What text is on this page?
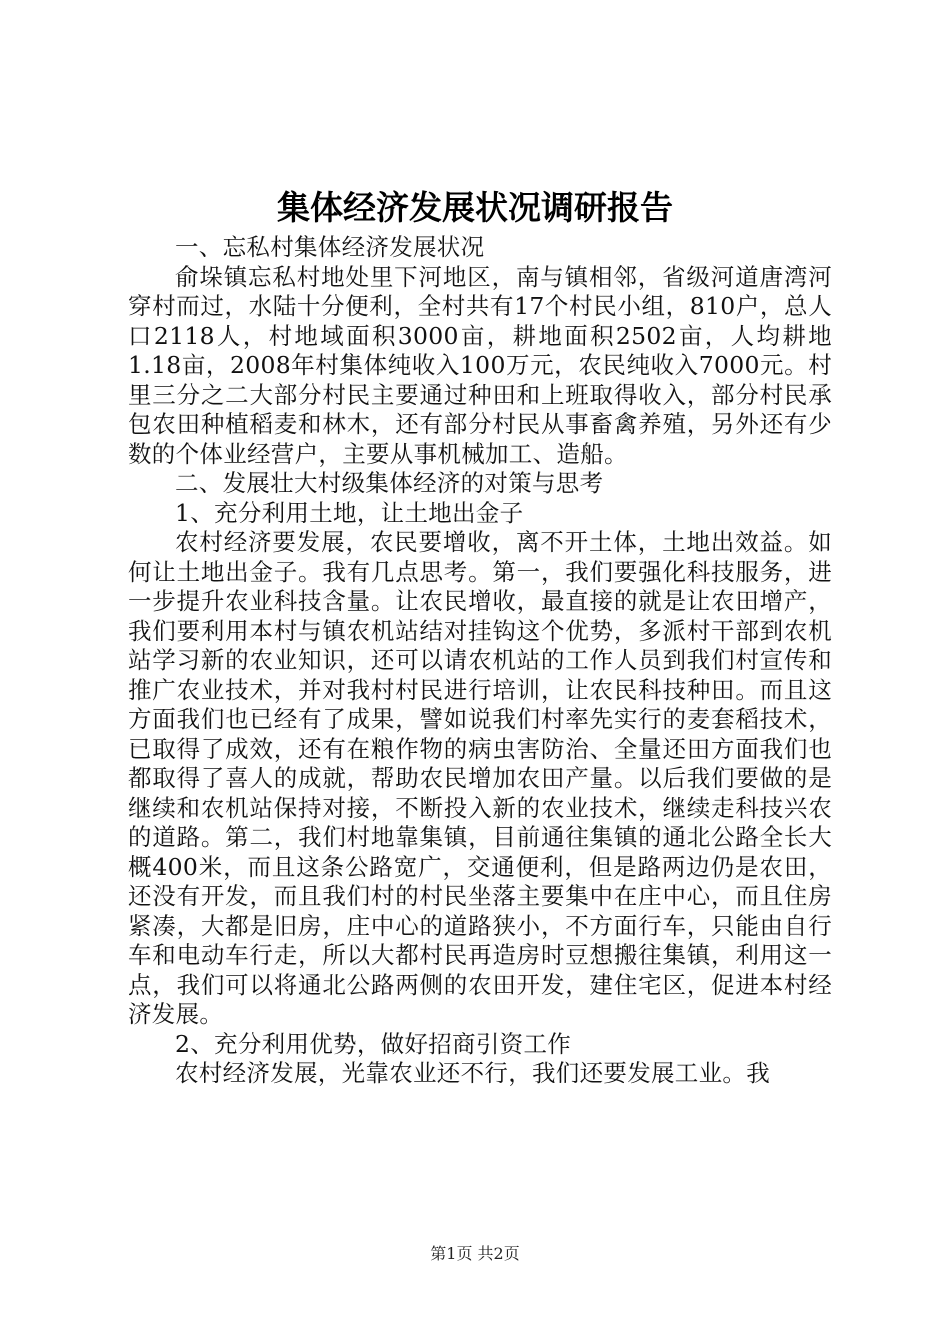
集体经济发展状况调研报告

一、忘私村集体经济发展状况

俞垛镇忘私村地处里下河地区，南与镇相邻，省级河道唐湾河穿村而过，水陆十分便利，全村共有17个村民小组，810户，总人口2118人，村地域面积3000亩，耕地面积2502亩，人均耕地1.18亩，2008年村集体纯收入100万元，农民纯收入7000元。村里三分之二大部分村民主要通过种田和上班取得收入，部分村民承包农田种植稻麦和林木，还有部分村民从事畜禽养殖，另外还有少数的个体业经营户，主要从事机械加工、造船。

二、发展壮大村级集体经济的对策与思考

1、充分利用土地，让土地出金子

农村经济要发展，农民要增收，离不开土体，土地出效益。如何让土地出金子。我有几点思考。第一，我们要强化科技服务，进一步提升农业科技含量。让农民增收，最直接的就是让农田增产，我们要利用本村与镇农机站结对挂钩这个优势，多派村干部到农机站学习新的农业知识，还可以请农机站的工作人员到我们村宣传和推广农业技术，并对我村村民进行培训，让农民科技种田。而且这方面我们也已经有了成果，譬如说我们村率先实行的麦套稻技术，已取得了成效，还有在粮作物的病虫害防治、全量还田方面我们也都取得了喜人的成就，帮助农民增加农田产量。以后我们要做的是继续和农机站保持对接，不断投入新的农业技术，继续走科技兴农的道路。第二，我们村地靠集镇，目前通往集镇的通北公路全长大概400米，而且这条公路宽广，交通便利，但是路两边仍是农田，还没有开发，而且我们村的村民坐落主要集中在庄中心，而且住房紧凑，大都是旧房，庄中心的道路狭小，不方面行车，只能由自行车和电动车行走，所以大都村民再造房时豆想搬往集镇，利用这一点，我们可以将通北公路两侧的农田开发，建住宅区，促进本村经济发展。

2、充分利用优势，做好招商引资工作

农村经济发展，光靠农业还不行，我们还要发展工业。我

第1页 共2页
